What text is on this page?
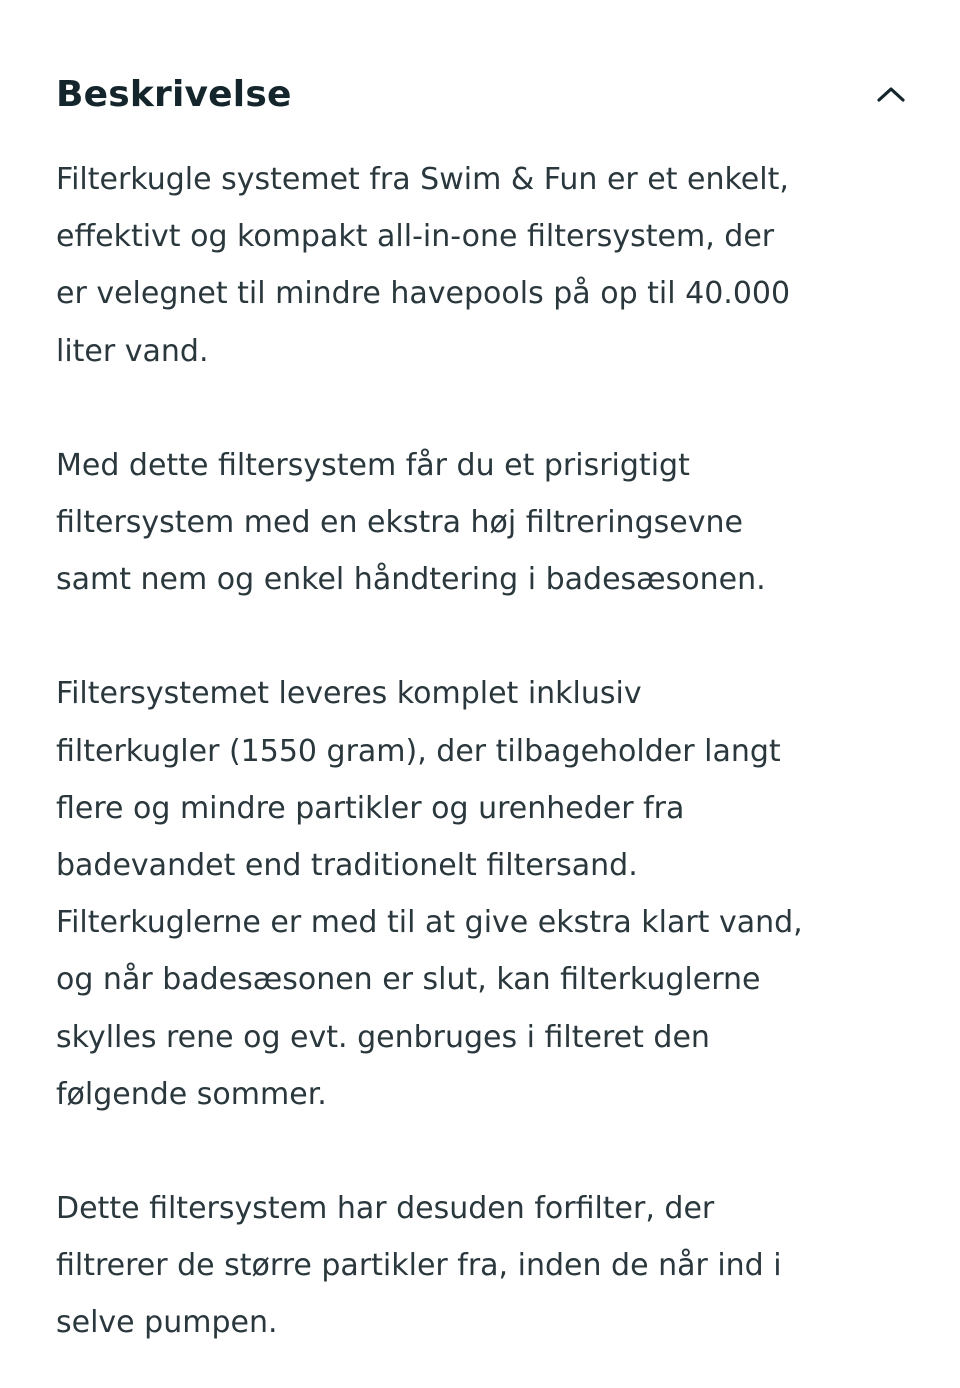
Beskrivelse

Filterkugle systemet fra Swim & Fun er et enkelt,
effektivt og kompakt all-in-one filtersystem, der
er velegnet til mindre havepools på op til 40.000
liter vand.

Med dette filtersystem får du et prisrigtigt
filtersystem med en ekstra høj filtreringsevne
samt nem og enkel håndtering i badesæsonen.

Filtersystemet leveres komplet inklusiv
filterkugler (1550 gram), der tilbageholder langt
flere og mindre partikler og urenheder fra
badevandet end traditionelt filtersand.
Filterkuglerne er med til at give ekstra klart vand,
og når badesæsonen er slut, kan filterkuglerne
skylles rene og evt. genbruges i filteret den
følgende sommer.

Dette filtersystem har desuden forfilter, der
filtrerer de større partikler fra, inden de når ind i
selve pumpen.
